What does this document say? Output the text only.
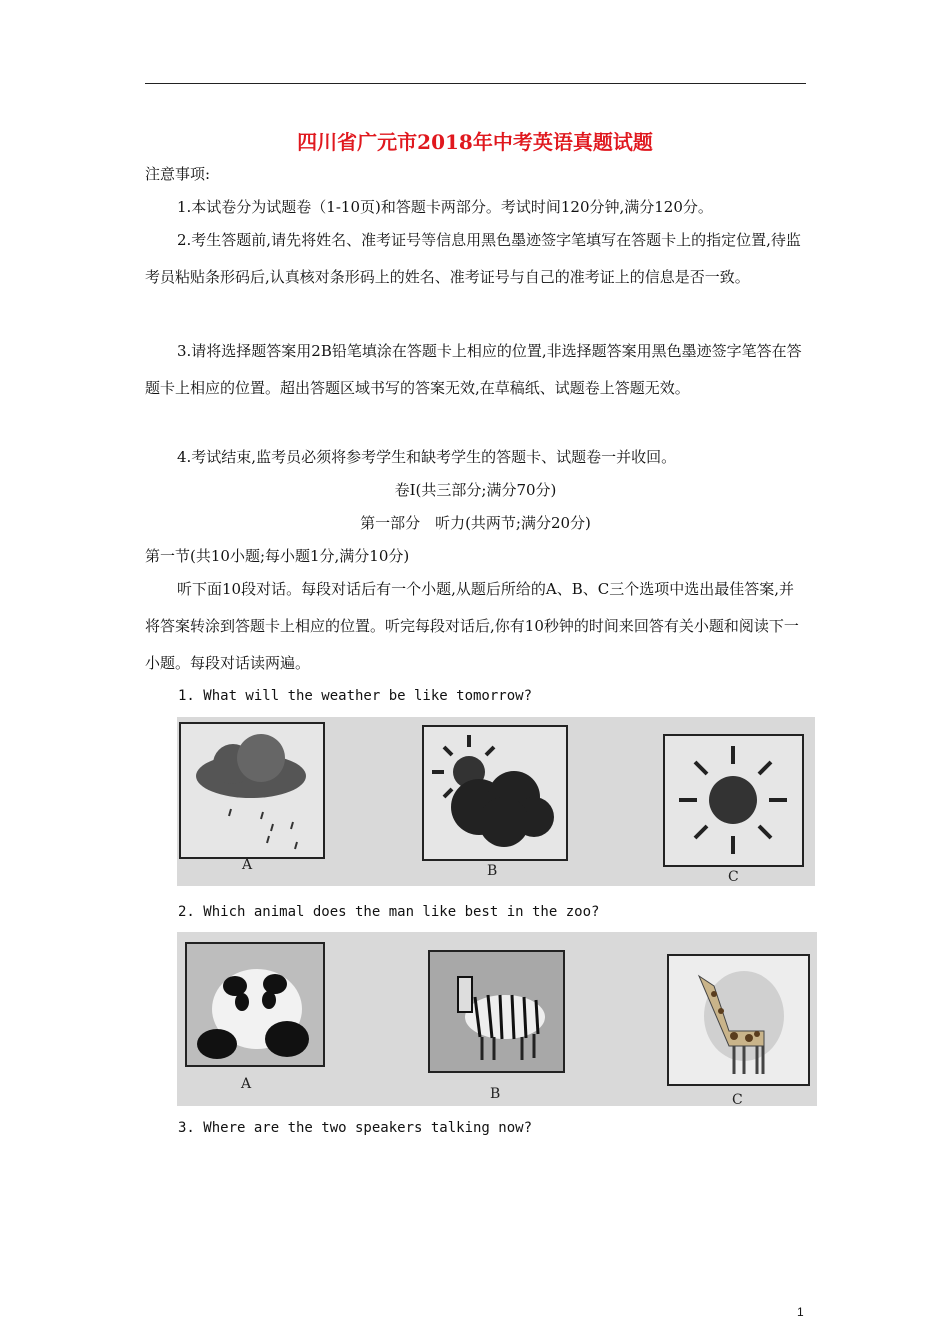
四川省广元市2018年中考英语真题试题
注意事项:
1.本试卷分为试题卷（1-10页)和答题卡两部分。考试时间120分钟,满分120分。
2.考生答题前,请先将姓名、准考证号等信息用黑色墨迹签字笔填写在答题卡上的指定位置,待监考员粘贴条形码后,认真核对条形码上的姓名、准考证号与自己的准考证上的信息是否一致。
3.请将选择题答案用2B铅笔填涂在答题卡上相应的位置,非选择题答案用黑色墨迹签字笔答在答题卡上相应的位置。超出答题区域书写的答案无效,在草稿纸、试题卷上答题无效。
4.考试结束,监考员必须将参考学生和缺考学生的答题卡、试题卷一并收回。
卷Ⅰ(共三部分;满分70分)
第一部分　听力(共两节;满分20分)
第一节(共10小题;每小题1分,满分10分)
听下面10段对话。每段对话后有一个小题,从题后所给的A、B、C三个选项中选出最佳答案,并将答案转涂到答题卡上相应的位置。听完每段对话后,你有10秒钟的时间来回答有关小题和阅读下一小题。每段对话读两遍。
1. What will the weather be like tomorrow?
A	B	C
2. Which animal does the man like best in the zoo?
A
B	C
3. Where are the two speakers talking now?
1
